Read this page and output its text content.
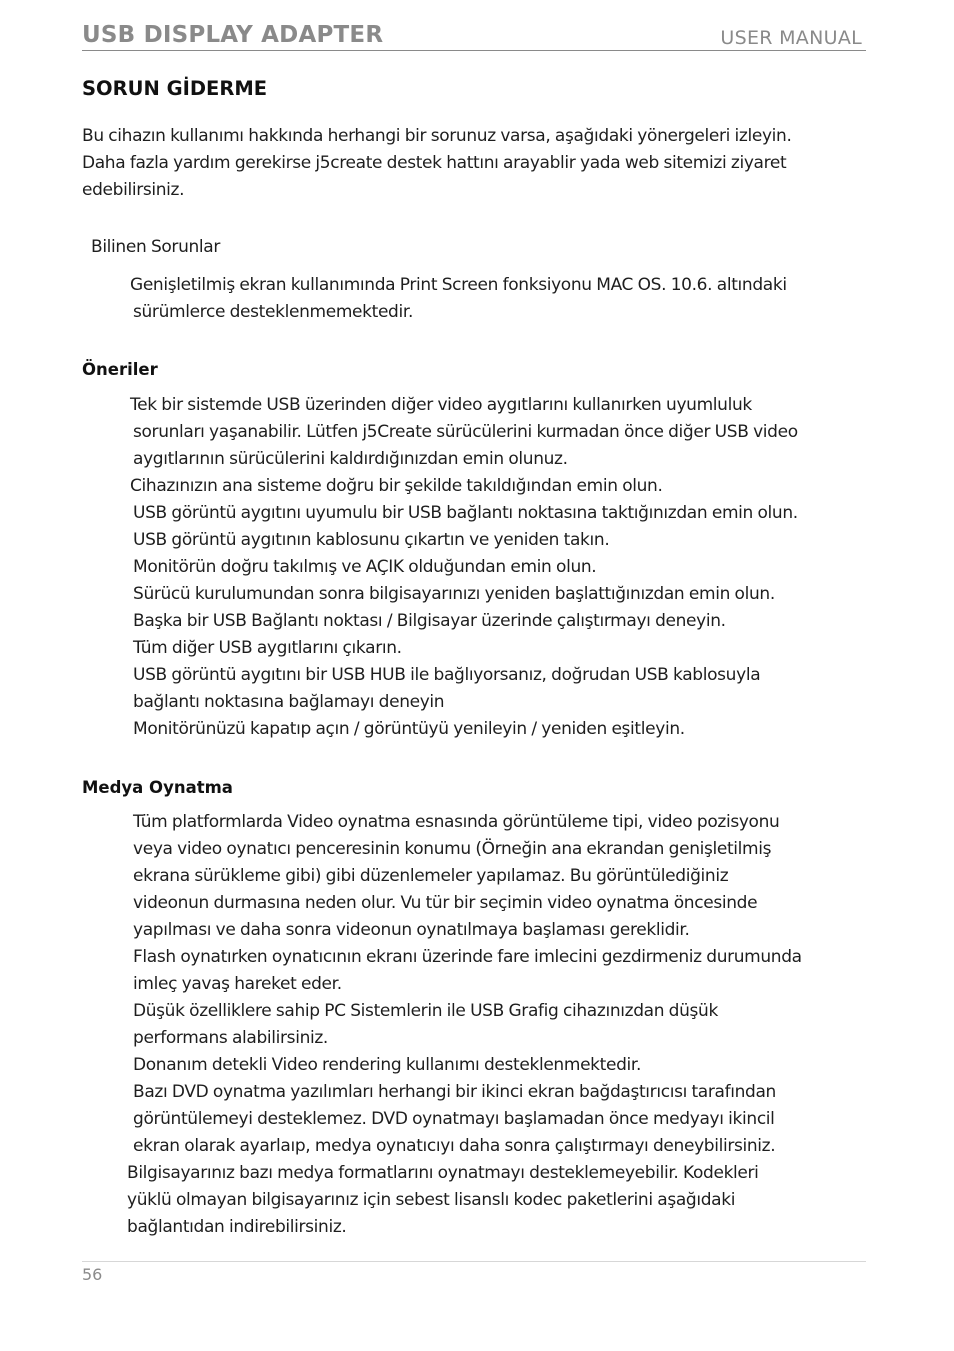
USB DISPLAY ADAPTER	USER MANUAL
SORUN GİDERME

Bu cihazın kullanımı hakkında herhangi bir sorunuz varsa, aşağıdaki yönergeleri izleyin.

Daha fazla yardım gerekirse j5create destek hattını arayablir yada web sitemizi ziyaret

edebilirsiniz.

Bilinen Sorunlar

Genişletilmiş ekran kullanımında Print Screen fonksiyonu MAC OS. 10.6. altındaki

sürümlerce desteklenmemektedir.

Öneriler

Tek bir sistemde USB üzerinden diğer video aygıtlarını kullanırken uyumluluk

sorunları yaşanabilir. Lütfen j5Create sürücülerini kurmadan önce diğer USB video

aygıtlarının sürücülerini kaldırdığınızdan emin olunuz.

Cihazınızın ana sisteme doğru bir şekilde takıldığından emin olun.

USB görüntü aygıtını uyumulu bir USB bağlantı noktasına taktığınızdan emin olun.

USB görüntü aygıtının kablosunu çıkartın ve yeniden takın.

Monitörün doğru takılmış ve AÇIK olduğundan emin olun.

Sürücü kurulumundan sonra bilgisayarınızı yeniden başlattığınızdan emin olun.

Başka bir USB Bağlantı noktası / Bilgisayar üzerinde çalıştırmayı deneyin.

Tüm diğer USB aygıtlarını çıkarın.

USB görüntü aygıtını bir USB HUB ile bağlıyorsanız, doğrudan USB kablosuyla

bağlantı noktasına bağlamayı deneyin

Monitörünüzü kapatıp açın / görüntüyü yenileyin / yeniden eşitleyin.

Medya Oynatma

Tüm platformlarda Video oynatma esnasında görüntüleme tipi, video pozisyonu

veya video oynatıcı penceresinin konumu (Örneğin ana ekrandan genişletilmiş

ekrana sürükleme gibi) gibi düzenlemeler yapılamaz. Bu görüntülediğiniz

videonun durmasına neden olur. Vu tür bir seçimin video oynatma öncesinde

yapılması ve daha sonra videonun oynatılmaya başlaması gereklidir.

Flash oynatırken oynatıcının ekranı üzerinde fare imlecini gezdirmeniz durumunda

imleç yavaş hareket eder.

Düşük özelliklere sahip PC Sistemlerin ile USB Grafig cihazınızdan düşük

performans alabilirsiniz.

Donanım detekli Video rendering kullanımı desteklenmektedir.

Bazı DVD oynatma yazılımları herhangi bir ikinci ekran bağdaştırıcısı tarafından

görüntülemeyi desteklemez. DVD oynatmayı başlamadan önce medyayı ikincil

ekran olarak ayarlaıp, medya oynatıcıyı daha sonra çalıştırmayı deneybilirsiniz.

Bilgisayarınız bazı medya formatlarını oynatmayı desteklemeyebilir. Kodekleri

yüklü olmayan bilgisayarınız için sebest lisanslı kodec paketlerini aşağıdaki

bağlantıdan indirebilirsiniz.

56
